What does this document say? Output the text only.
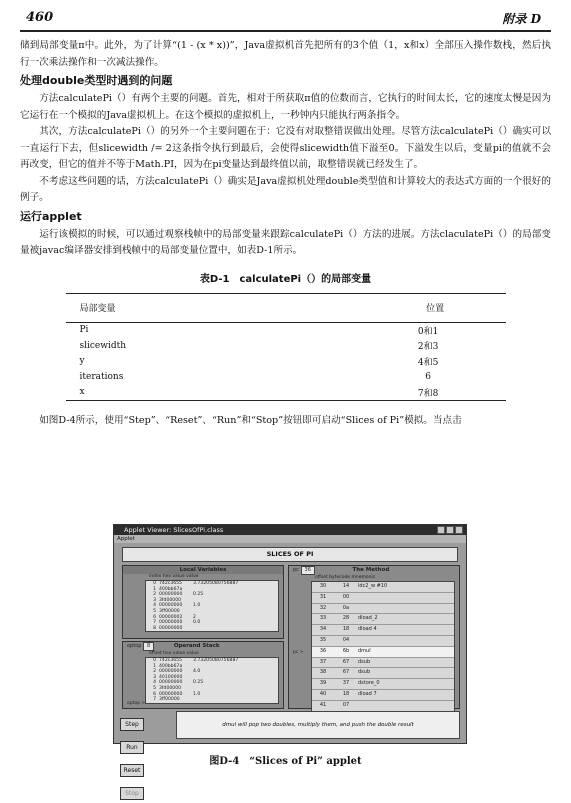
460	附录 D

储到局部变量π中。此外，为了计算“(1 - (x * x))”，Java虚拟机首先把所有的3个值（1，x和x）全部压入操作数栈，然后执行一次乘法操作和一次减法操作。

处理double类型时遇到的问题

方法calculatePi（）有两个主要的问题。首先，相对于所获取π值的位数而言，它执行的时间太长，它的速度太慢是因为它运行在一个模拟的Java虚拟机上。在这个模拟的虚拟机上，一秒钟内只能执行两条指令。

其次，方法calculatePi（）的另外一个主要问题在于：它没有对取整错误做出处理。尽管方法calculatePi（）确实可以一直运行下去，但slicewidth /= 2这条指令执行到最后，会使得slicewidth值下溢至0。下溢发生以后，变量pi的值就不会再改变，但它的值并不等于Math.PI，因为在pi变量达到最终值以前，取整错误就已经发生了。

不考虑这些问题的话，方法calculatePi（）确实是Java虚拟机处理double类型值和计算较大的表达式方面的一个很好的例子。

运行applet

运行该模拟的时候，可以通过观察栈帧中的局部变量来跟踪calculatePi（）方法的进展。方法claculatePi（）的局部变量被javac编译器安排到栈帧中的局部变量位置中，如表D-1所示。

表D-1　calculatePi（）的局部变量
局部变量	位置
Pi	0和1
slicewidth	2和3
y	4和5
iterations	6
x	7和8

如图D-4所示，使用“Step”、“Reset”、“Run”和“Stop”按钮即可启动“Slices of Pi”模拟。当点击

Applet Viewer: SlicesOfPi.class
Applet
SLICES OF PI
Local Variables
index hex value value
0 742c3655 3.73205080756887
1 400bb67a
2 00000000 0.25
3 3fd00000
4 00000000 1.0
5 3ff00000
6 00000002 2
7 00000000 0.0
8 00000000
optop 8	Operand Stack
offset hex value value
0 742c3655 3.73205080756887
1 400bb67a
2 00000000 4.0
3 40100000
4 00000000 0.25
5 3fd00000
6 00000000 1.0
7 3ff00000
optop >
pc 36	The Method
offset bytecode mnemonic
30	14 ldc2_w #10
31	00
32	0a
33	28 dload_2
34	18 dload 4
35	04
36	6b dmul
37	67 dsub
38	67 dsub
39	37 dstore_0
40	18 dload 7
41	07
pc >
Step Run Reset Stop
dmul will pop two doubles, multiply them, and push the double result
图D-4　“Slices of Pi” applet
